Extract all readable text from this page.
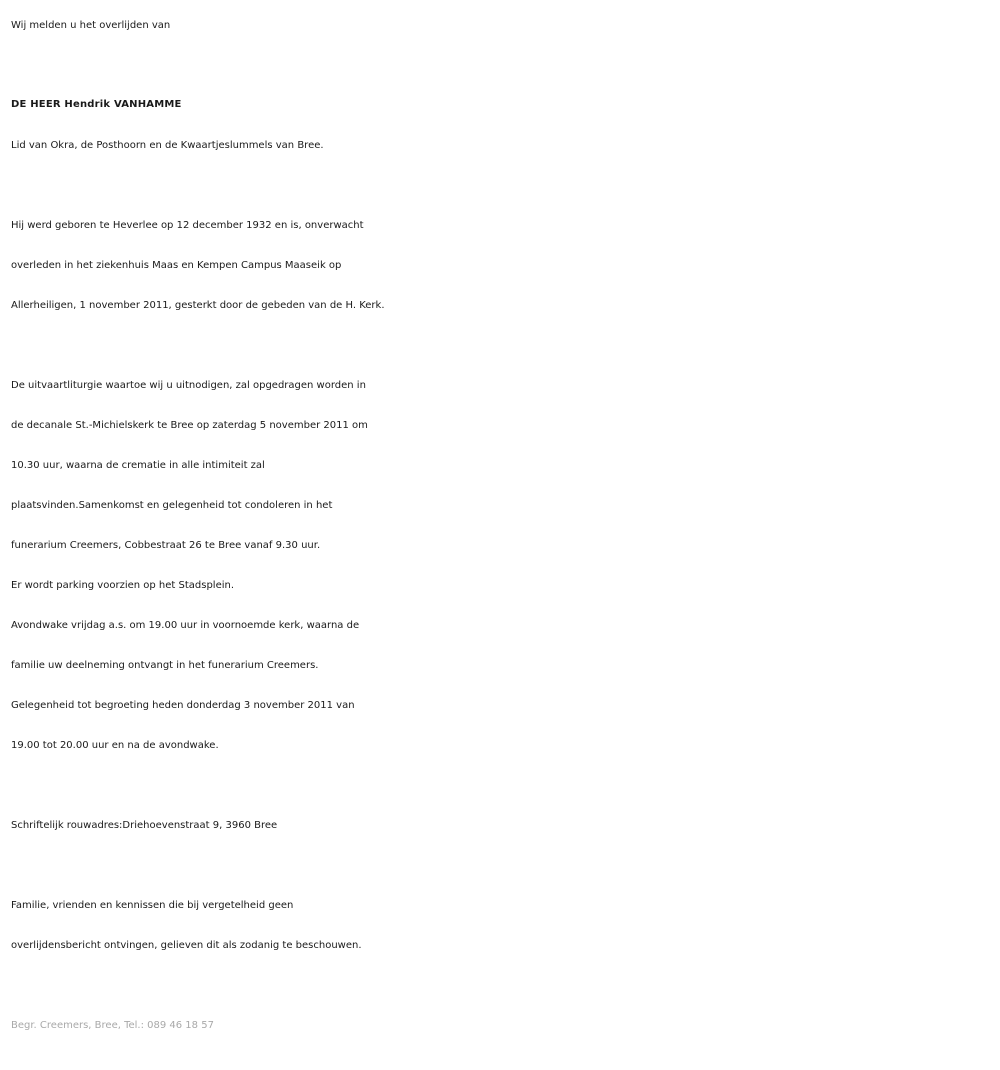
Wij melden u het overlijden van

DE HEER Hendrik VANHAMME

Lid van Okra, de Posthoorn en de Kwaartjeslummels van Bree.

Hij werd geboren te Heverlee op 12 december 1932 en is, onverwacht
overleden in het ziekenhuis Maas en Kempen Campus Maaseik op
Allerheiligen, 1 november 2011, gesterkt door de gebeden van de H. Kerk.

De uitvaartliturgie waartoe wij u uitnodigen, zal opgedragen worden in
de decanale St.-Michielskerk te Bree op zaterdag 5 november 2011 om
10.30 uur, waarna de crematie in alle intimiteit zal
plaatsvinden.Samenkomst en gelegenheid tot condoleren in het
funerarium Creemers, Cobbestraat 26 te Bree vanaf 9.30 uur.
Er wordt parking voorzien op het Stadsplein.
Avondwake vrijdag a.s. om 19.00 uur in voornoemde kerk, waarna de
familie uw deelneming ontvangt in het funerarium Creemers.
Gelegenheid tot begroeting heden donderdag 3 november 2011 van
19.00 tot 20.00 uur en na de avondwake.

Schriftelijk rouwadres:Driehoevenstraat 9, 3960 Bree

Familie, vrienden en kennissen die bij vergetelheid geen
overlijdensbericht ontvingen, gelieven dit als zodanig te beschouwen.

Begr. Creemers, Bree, Tel.: 089 46 18 57
